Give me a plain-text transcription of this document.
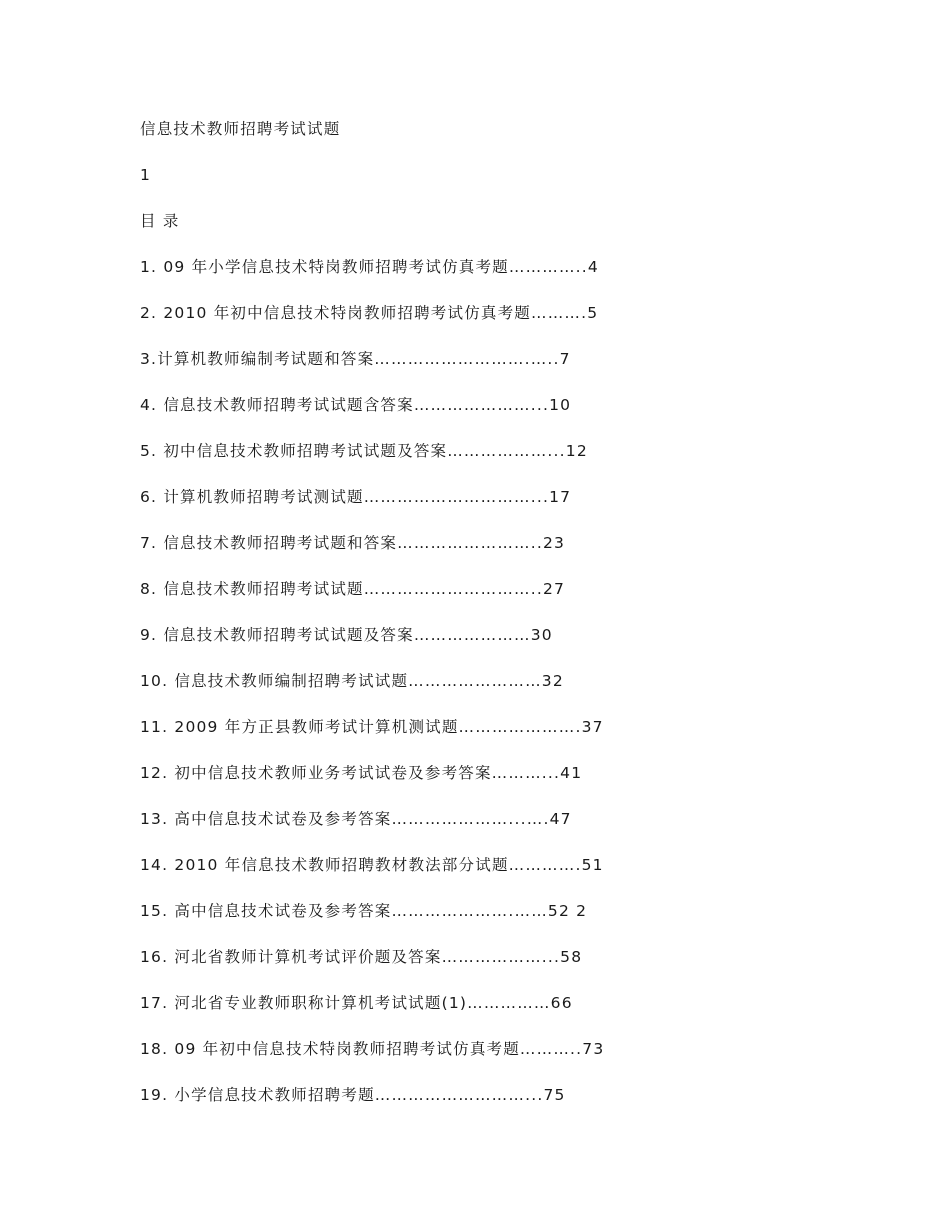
信息技术教师招聘考试试题
1
目 录
1. 09 年小学信息技术特岗教师招聘考试仿真考题…………..4
2. 2010 年初中信息技术特岗教师招聘考试仿真考题……….5
3.计算机教师编制考试题和答案……………………….…..7
4. 信息技术教师招聘考试试题含答案…………………...10
5. 初中信息技术教师招聘考试试题及答案………………...12
6. 计算机教师招聘考试测试题…………………………...17
7. 信息技术教师招聘考试题和答案……………………..23
8. 信息技术教师招聘考试试题…………………………..27
9. 信息技术教师招聘考试试题及答案…………………30
10. 信息技术教师编制招聘考试试题……………………32
11. 2009 年方正县教师考试计算机测试题………………….37
12. 初中信息技术教师业务考试试卷及参考答案………...41
13. 高中信息技术试卷及参考答案…………………...….47
14. 2010 年信息技术教师招聘教材教法部分试题………….51
15. 高中信息技术试卷及参考答案………………….……52 2
16. 河北省教师计算机考试评价题及答案………………...58
17. 河北省专业教师职称计算机考试试题(1)……………66
18. 09 年初中信息技术特岗教师招聘考试仿真考题………..73
19. 小学信息技术教师招聘考题………………………...75
